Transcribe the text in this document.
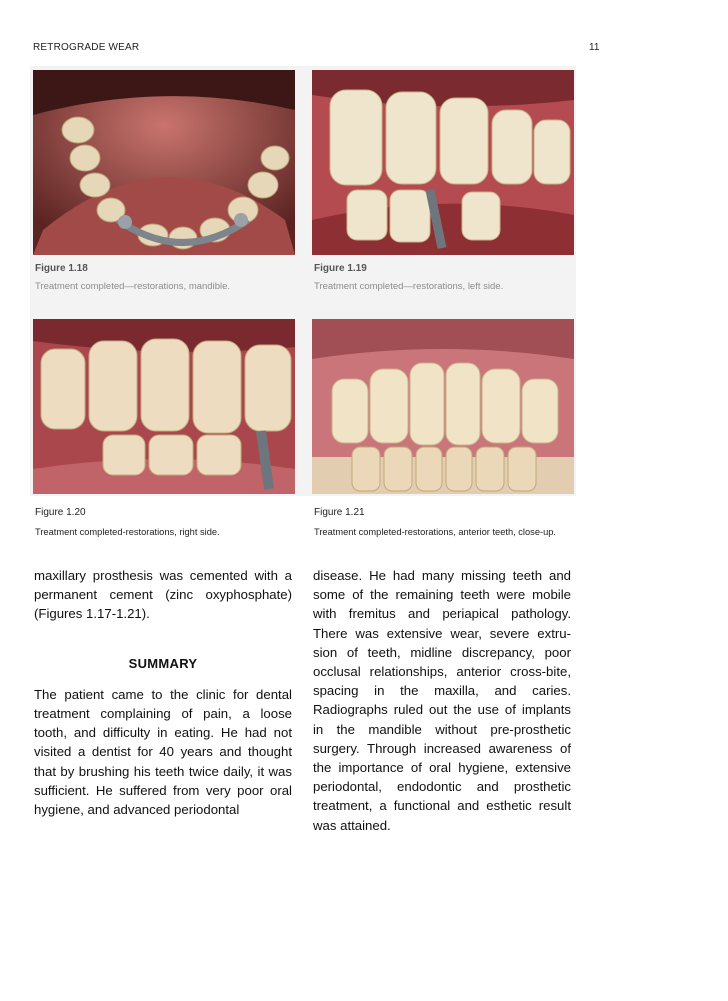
RETROGRADE WEAR	11
Figure 1.18
Treatment completed—restorations, mandible.
Figure 1.19
Treatment completed—restorations, left side.
Figure 1.20
Treatment completed-restorations, right side.
Figure 1.21
Treatment completed-restorations, anterior teeth, close-up.

maxillary prosthesis was cemented with a permanent cement (zinc oxyphosphate) (Figures 1.17-1.21).

SUMMARY

The patient came to the clinic for dental treatment complaining of pain, a loose tooth, and difficulty in eating. He had not visited a dentist for 40 years and thought that by brushing his teeth twice daily, it was sufficient. He suffered from very poor oral hygiene, and advanced periodontal

disease. He had many missing teeth and some of the remaining teeth were mobile with fremitus and periapical pathology. There was extensive wear, severe extru-sion of teeth, midline discrepancy, poor occlusal relationships, anterior cross-bite, spacing in the maxilla, and caries. Radiographs ruled out the use of implants in the mandible without pre-prosthetic surgery. Through increased awareness of the importance of oral hygiene, extensive periodontal, endodontic and prosthetic treatment, a functional and esthetic result was attained.
